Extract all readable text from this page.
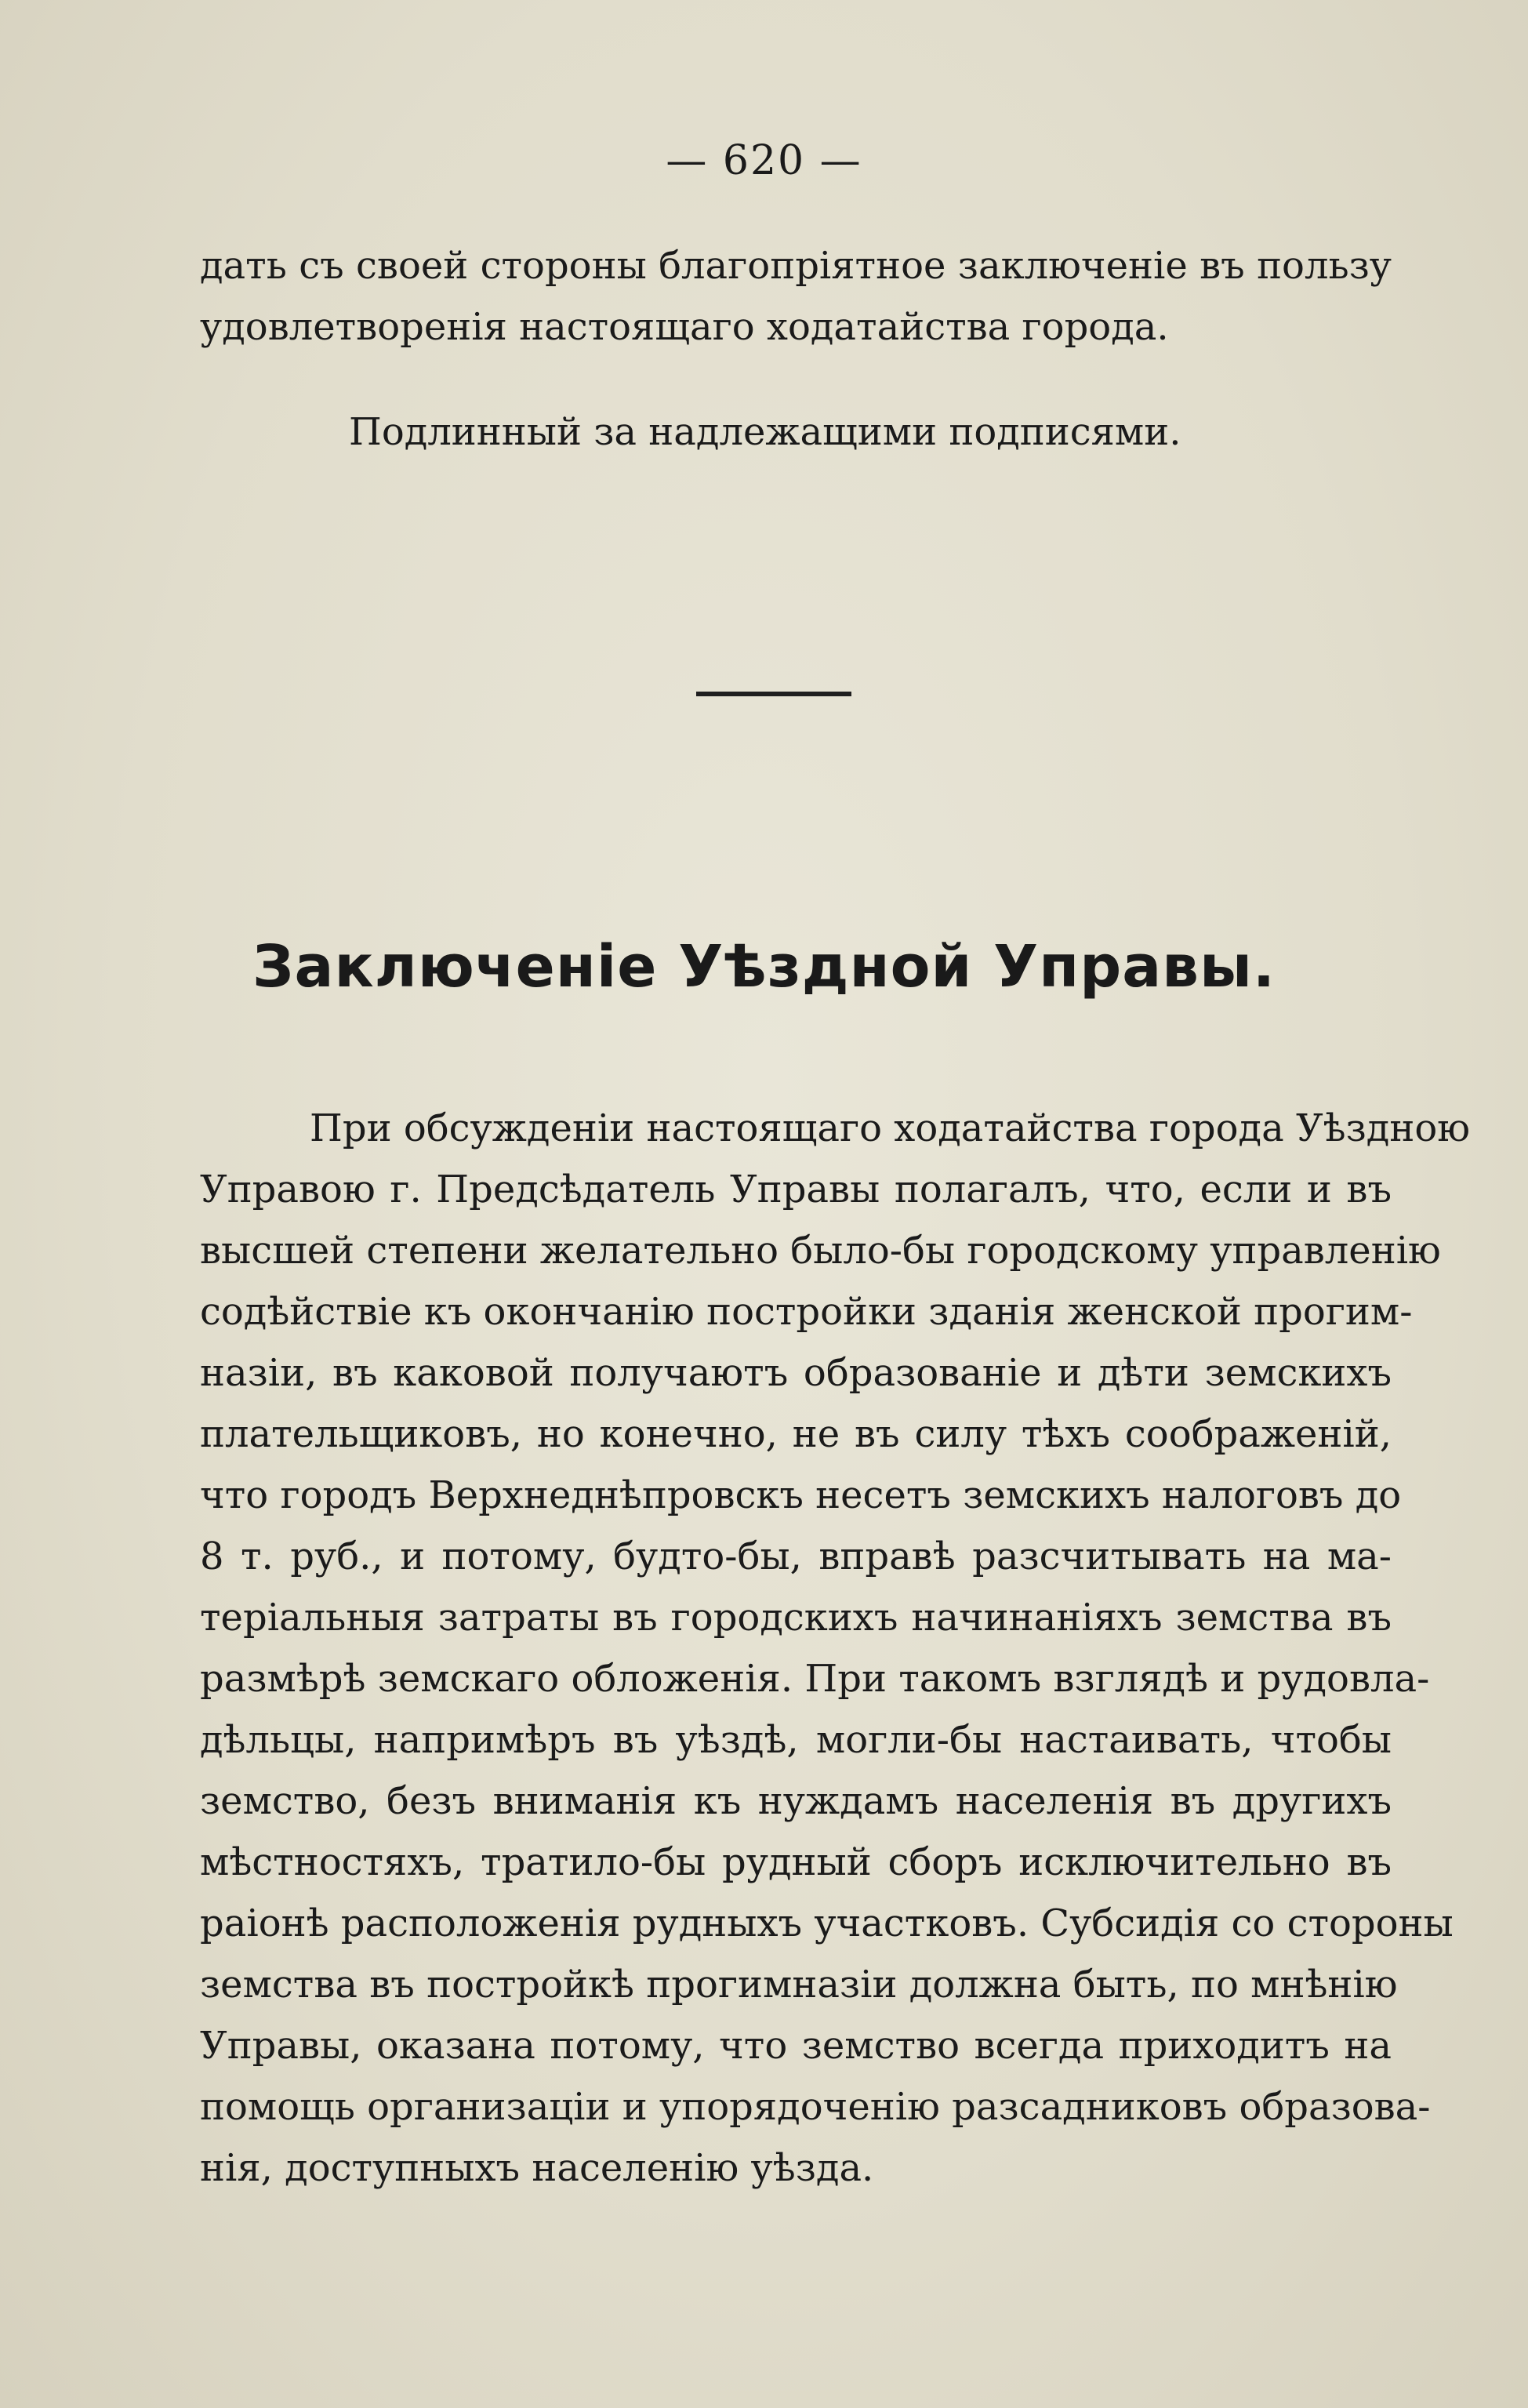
— 620 —
дать съ своей стороны благопріятное заключеніе въ пользу
удовлетворенія настоящаго ходатайства города.
Подлинный за надлежащими подписями.
Заключеніе Уѣздной Управы.
При обсужденіи настоящаго ходатайства города Уѣздною
Управою г. Предсѣдатель Управы полагалъ, что, если и въ
высшей степени желательно было-бы городскому управленію
содѣйствіе къ окончанію постройки зданія женской прогим-
назіи, въ каковой получаютъ образованіе и дѣти земскихъ
плательщиковъ, но конечно, не въ силу тѣхъ соображеній,
что городъ Верхнеднѣпровскъ несетъ земскихъ налоговъ до
8 т. руб., и потому, будто-бы, вправѣ разсчитывать на ма-
теріальныя затраты въ городскихъ начинаніяхъ земства въ
размѣрѣ земскаго обложенія. При такомъ взглядѣ и рудовла-
дѣльцы, напримѣръ въ уѣздѣ, могли-бы настаивать, чтобы
земство, безъ вниманія къ нуждамъ населенія въ другихъ
мѣстностяхъ, тратило-бы рудный сборъ исключительно въ
раіонѣ расположенія рудныхъ участковъ. Субсидія со стороны
земства въ постройкѣ прогимназіи должна быть, по мнѣнію
Управы, оказана потому, что земство всегда приходитъ на
помощь организаціи и упорядоченію разсадниковъ образова-
нія, доступныхъ населенію уѣзда.
